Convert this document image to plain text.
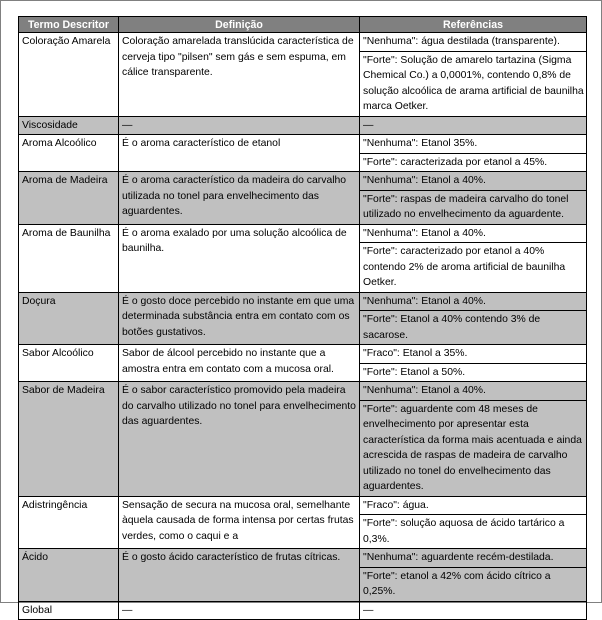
Termo Descritor	Definição	Referências
Coloração Amarela	Coloração amarelada translúcida característica de cerveja tipo "pilsen" sem gás e sem espuma, em cálice transparente.	"Nenhuma": água destilada (transparente).
"Forte": Solução de amarelo tartazina (Sigma Chemical Co.) a 0,0001%, contendo 0,8% de solução alcoólica de arama artificial de baunilha marca Oetker.

Viscosidade	—	—

Aroma Alcoólico	É o aroma característico de etanol	"Nenhuma": Etanol 35%.
"Forte": caracterizada por etanol a 45%.

Aroma de Madeira	É o aroma característico da madeira do carvalho utilizada no tonel para envelhecimento das aguardentes.	"Nenhuma": Etanol a 40%.
"Forte": raspas de madeira carvalho do tonel utilizado no envelhecimento da aguardente.

Aroma de Baunilha	É o aroma exalado por uma solução alcoólica de baunilha.	"Nenhuma": Etanol a 40%.
"Forte": caracterizado por etanol a 40% contendo 2% de aroma artificial de baunilha Oetker.

Doçura	É o gosto doce percebido no instante em que uma determinada substância entra em contato com os botões gustativos.	"Nenhuma": Etanol a 40%.
"Forte": Etanol a 40% contendo 3% de sacarose.

Sabor Alcoólico	Sabor de álcool percebido no instante que a amostra entra em contato com a mucosa oral.	"Fraco": Etanol a 35%.
"Forte": Etanol a 50%.

Sabor de Madeira	É o sabor característico promovido pela madeira do carvalho utilizado no tonel para envelhecimento das aguardentes.	"Nenhuma": Etanol a 40%.
"Forte": aguardente com 48 meses de envelhecimento por apresentar esta característica da forma mais acentuada e ainda acrescida de raspas de madeira de carvalho utilizado no tonel do envelhecimento das aguardentes.

Adistringência	Sensação de secura na mucosa oral, semelhante àquela causada de forma intensa por certas frutas verdes, como o caqui e a	"Fraco": água.
"Forte": solução aquosa de ácido tartárico a 0,3%.

Ácido	É o gosto ácido característico de frutas cítricas.	"Nenhuma": aguardente recém-destilada.
"Forte": etanol a 42% com ácido cítrico a 0,25%.

Global	—	—
